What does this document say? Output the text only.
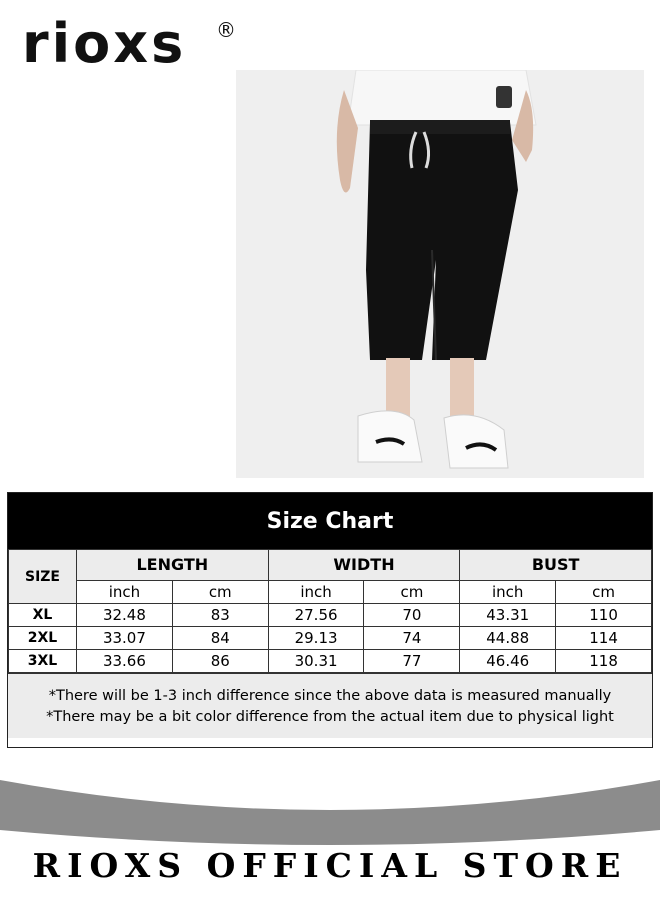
rioxs ®
Size Chart
SIZE	LENGTH		WIDTH		BUST	
	inch	cm	inch	cm	inch	cm
XL	32.48	83	27.56	70	43.31	110
2XL	33.07	84	29.13	74	44.88	114
3XL	33.66	86	30.31	77	46.46	118
*There will be 1-3 inch difference since the above data is measured manually
*There may be a bit color difference from the actual item due to physical light
RIOXS OFFICIAL STORE
